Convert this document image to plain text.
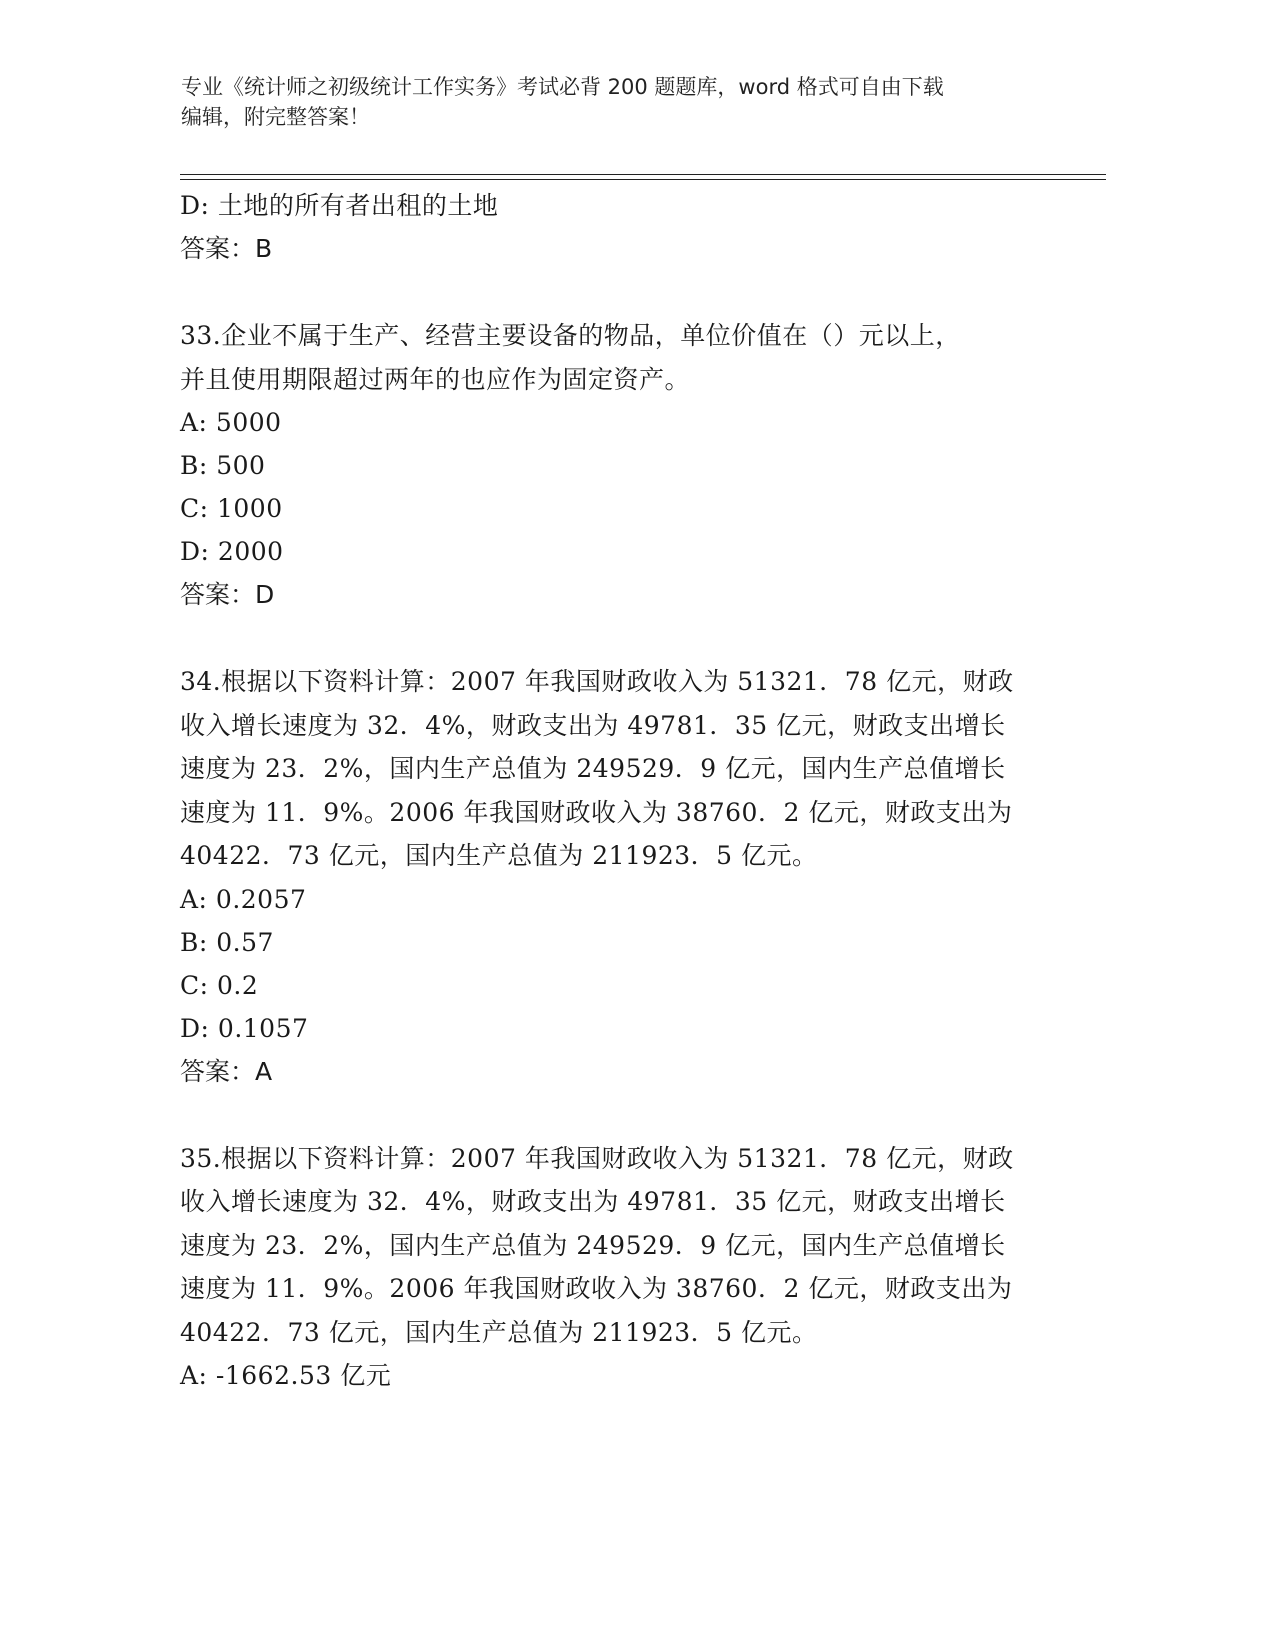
专业《统计师之初级统计工作实务》考试必背 200 题题库，word 格式可自由下载
编辑，附完整答案！
D: 土地的所有者出租的土地
答案：B
33.企业不属于生产、经营主要设备的物品，单位价值在（）元以上，
并且使用期限超过两年的也应作为固定资产。
A: 5000
B: 500
C: 1000
D: 2000
答案：D
34.根据以下资料计算：2007 年我国财政收入为 51321．78 亿元，财政
收入增长速度为 32．4%，财政支出为 49781．35 亿元，财政支出增长
速度为 23．2%，国内生产总值为 249529．9 亿元，国内生产总值增长
速度为 11．9%。2006 年我国财政收入为 38760．2 亿元，财政支出为
40422．73 亿元，国内生产总值为 211923．5 亿元。
A: 0.2057
B: 0.57
C: 0.2
D: 0.1057
答案：A
35.根据以下资料计算：2007 年我国财政收入为 51321．78 亿元，财政
收入增长速度为 32．4%，财政支出为 49781．35 亿元，财政支出增长
速度为 23．2%，国内生产总值为 249529．9 亿元，国内生产总值增长
速度为 11．9%。2006 年我国财政收入为 38760．2 亿元，财政支出为
40422．73 亿元，国内生产总值为 211923．5 亿元。
A: -1662.53 亿元
